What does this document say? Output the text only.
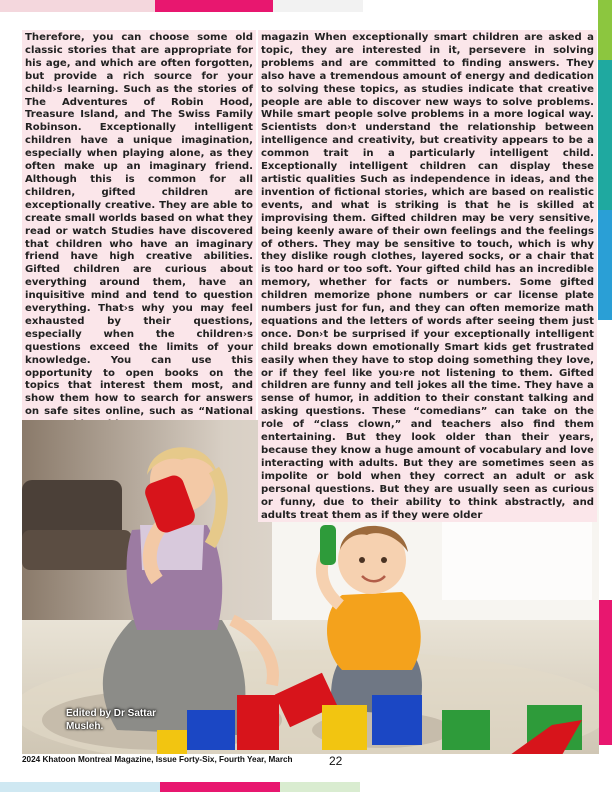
Therefore, you can choose some old classic stories that are appropriate for his age, and which are often forgotten, but provide a rich source for your child›s learning. Such as the stories of The Adventures of Robin Hood, Treasure Island, and The Swiss Family Robinson. Exceptionally intelligent children have a unique imagination, especially when playing alone, as they often make up an imaginary friend. Although this is common for all children, gifted children are exceptionally creative. They are able to create small worlds based on what they read or watch Studies have discovered that children who have an imaginary friend have high creative abilities. Gifted children are curious about everything around them, have an inquisitive mind and tend to question everything. That›s why you may feel exhausted by their questions, especially when the children›s questions exceed the limits of your knowledge. You can use this opportunity to open books on the topics that interest them most, and show them how to search for answers on safe sites online, such as “National

magazin When exceptionally smart children are asked a topic, they are interested in it, persevere in solving problems and are committed to finding answers. They also have a tremendous amount of energy and dedication to solving these topics, as studies indicate that creative people are able to discover new ways to solve problems. While smart people solve problems in a more logical way. Scientists don›t understand the relationship between intelligence and creativity, but creativity appears to be a common trait in a particularly intelligent child. Exceptionally intelligent children can display these artistic qualities Such as independence in ideas, and the invention of fictional stories, which are based on realistic events, and what is striking is that he is skilled at improvising them. Gifted children may be very sensitive, being keenly aware of their own feelings and the feelings of others. They may be sensitive to touch, which is why they dislike rough clothes, layered socks, or a chair that is too hard or too soft. Your gifted child has an incredible memory, whether for facts or numbers. Some gifted children memorize phone numbers or car license plate numbers just for fun, and they can often memorize math equations and the letters of words after seeing them just once. Don›t be surprised if your exceptionally intelligent child breaks down emotionally Smart kids get frustrated easily when they have to stop doing something they love, or if they feel like you›re not listening to them. Gifted children are funny and tell jokes all the time. They have a sense of humor, in addition to their constant talking and asking questions. These “comedians” can take on the role of “class clown,” and teachers also find them entertaining. But they look older than their years, because they know a huge amount of vocabulary and love interacting with adults. But they are sometimes seen as impolite or bold when they correct an adult or ask personal questions. But they are usually seen as curious or funny, due to their ability to think abstractly, and adults treat them as if they were older

Edited by Dr Sattar Musleh.
2024 Khatoon Montreal Magazine, Issue Forty-Six, Fourth Year, March	22
